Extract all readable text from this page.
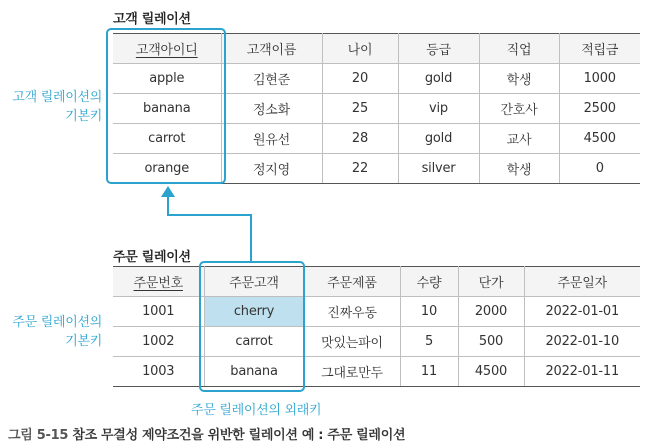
고객 릴레이션
고객 릴레이션의
기본키
고객아이디	고객이름	나이	등급	직업	적립금
apple	김현준	20	gold	학생	1000
banana	정소화	25	vip	간호사	2500
carrot	원유선	28	gold	교사	4500
orange	정지영	22	silver	학생	0
주문 릴레이션
주문 릴레이션의
기본키
주문번호	주문고객	주문제품	수량	단가	주문일자
1001	cherry	진짜우동	10	2000	2022-01-01
1002	carrot	맛있는파이	5	500	2022-01-10
1003	banana	그대로만두	11	4500	2022-01-11
주문 릴레이션의 외래키
그림 5-15 참조 무결성 제약조건을 위반한 릴레이션 예 : 주문 릴레이션
